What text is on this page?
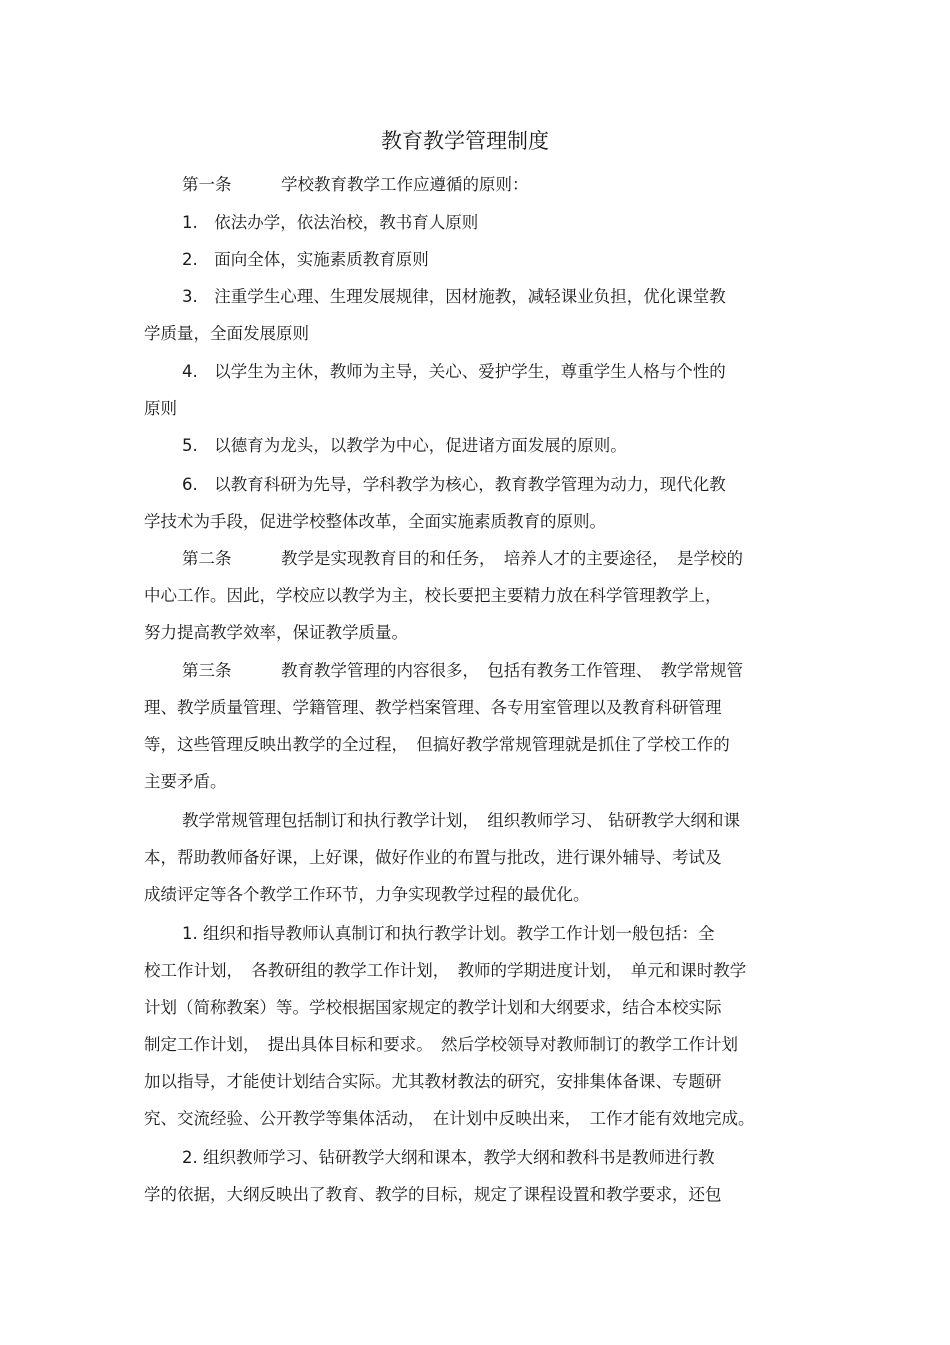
教育教学管理制度
第一条　　　学校教育教学工作应遵循的原则：
1.　依法办学，依法治校，教书育人原则
2.　面向全体，实施素质教育原则
3.　注重学生心理、生理发展规律，因材施教，减轻课业负担，优化课堂教
学质量，全面发展原则
4.　以学生为主休，教师为主导，关心、爱护学生，尊重学生人格与个性的
原则
5.　以德育为龙头，以教学为中心，促进诸方面发展的原则。
6.　以教育科研为先导，学科教学为核心，教育教学管理为动力，现代化教
学技术为手段，促进学校整体改革，全面实施素质教育的原则。
第二条　　　教学是实现教育目的和任务，　培养人才的主要途径，　是学校的
中心工作。因此，学校应以教学为主，校长要把主要精力放在科学管理教学上，
努力提高教学效率，保证教学质量。
第三条　　　教育教学管理的内容很多，　包括有教务工作管理、　教学常规管
理、教学质量管理、学籍管理、教学档案管理、各专用室管理以及教育科研管理
等，这些管理反映出教学的全过程，　但搞好教学常规管理就是抓住了学校工作的
主要矛盾。
教学常规管理包括制订和执行教学计划，　组织教师学习、 钻研教学大纲和课
本，帮助教师备好课，上好课，做好作业的布置与批改，进行课外辅导、考试及
成绩评定等各个教学工作环节，力争实现教学过程的最优化。
1. 组织和指导教师认真制订和执行教学计划。教学工作计划一般包括：全
校工作计划，　各教研组的教学工作计划，　教师的学期进度计划，　单元和课时教学
计划（简称教案）等。学校根据国家规定的教学计划和大纲要求，结合本校实际
制定工作计划，　提出具体目标和要求。　然后学校领导对教师制订的教学工作计划
加以指导，才能使计划结合实际。尤其教材教法的研究，安排集体备课、专题研
究、交流经验、公开教学等集体活动，　在计划中反映出来，　工作才能有效地完成。
2. 组织教师学习、钻研教学大纲和课本，教学大纲和教科书是教师进行教
学的依据，大纲反映出了教育、教学的目标，规定了课程设置和教学要求，还包
